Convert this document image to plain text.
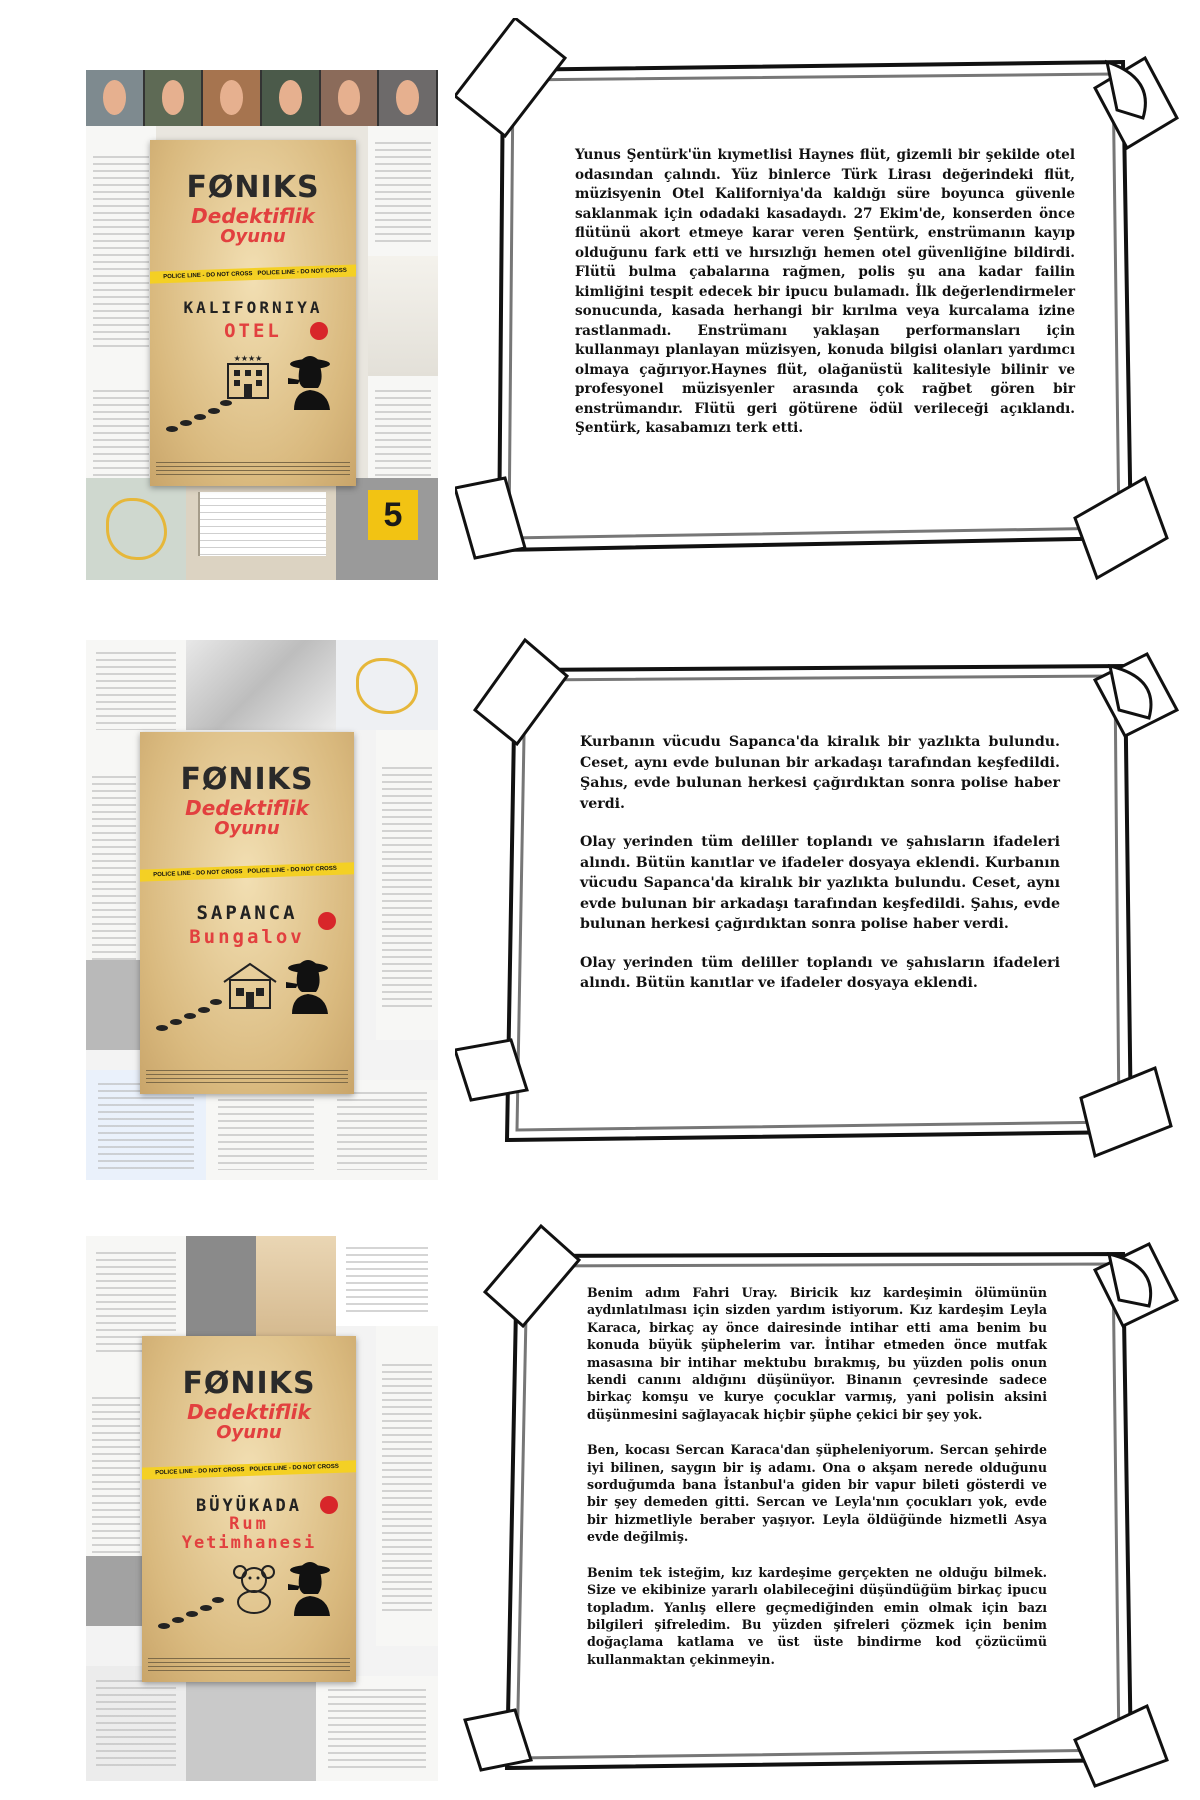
5
FØNIKS
Dedektiflik
Oyunu
POLICE LINE - DO NOT CROSS POLICE LINE - DO NOT CROSS
KALIFORNIYA
OTEL
★★★★

Yunus Şentürk'ün kıymetlisi Haynes flüt, gizemli bir şekilde otel odasından çalındı. Yüz binlerce Türk Lirası değerindeki flüt, müzisyenin Otel Kaliforniya'da kaldığı süre boyunca güvenle saklanmak için odadaki kasadaydı. 27 Ekim'de, konserden önce flütünü akort etmeye karar veren Şentürk, enstrümanın kayıp olduğunu fark etti ve hırsızlığı hemen otel güvenliğine bildirdi. Flütü bulma çabalarına rağmen, polis şu ana kadar failin kimliğini tespit edecek bir ipucu bulamadı. İlk değerlendirmeler sonucunda, kasada herhangi bir kırılma veya kurcalama izine rastlanmadı. Enstrümanı yaklaşan performansları için kullanmayı planlayan müzisyen, konuda bilgisi olanları yardımcı olmaya çağırıyor.Haynes flüt, olağanüstü kalitesiyle bilinir ve profesyonel müzisyenler arasında çok rağbet gören bir enstrümandır. Flütü geri götürene ödül verileceği açıklandı. Şentürk, kasabamızı terk etti.

FØNIKS
Dedektiflik
Oyunu
POLICE LINE - DO NOT CROSS POLICE LINE - DO NOT CROSS
SAPANCA
Bungalov

Kurbanın vücudu Sapanca'da kiralık bir yazlıkta bulundu. Ceset, aynı evde bulunan bir arkadaşı tarafından keşfedildi. Şahıs, evde bulunan herkesi çağırdıktan sonra polise haber verdi.

Olay yerinden tüm deliller toplandı ve şahısların ifadeleri alındı. Bütün kanıtlar ve ifadeler dosyaya eklendi. Kurbanın vücudu Sapanca'da kiralık bir yazlıkta bulundu. Ceset, aynı evde bulunan bir arkadaşı tarafından keşfedildi. Şahıs, evde bulunan herkesi çağırdıktan sonra polise haber verdi.

Olay yerinden tüm deliller toplandı ve şahısların ifadeleri alındı. Bütün kanıtlar ve ifadeler dosyaya eklendi.

FØNIKS
Dedektiflik
Oyunu
POLICE LINE - DO NOT CROSS POLICE LINE - DO NOT CROSS
BÜYÜKADA
Rum
Yetimhanesi

Benim adım Fahri Uray. Biricik kız kardeşimin ölümünün aydınlatılması için sizden yardım istiyorum. Kız kardeşim Leyla Karaca, birkaç ay önce dairesinde intihar etti ama benim bu konuda büyük şüphelerim var. İntihar etmeden önce mutfak masasına bir intihar mektubu bırakmış, bu yüzden polis onun kendi canını aldığını düşünüyor. Binanın çevresinde sadece birkaç komşu ve kurye çocuklar varmış, yani polisin aksini düşünmesini sağlayacak hiçbir şüphe çekici bir şey yok.

Ben, kocası Sercan Karaca'dan şüpheleniyorum. Sercan şehirde iyi bilinen, saygın bir iş adamı. Ona o akşam nerede olduğunu sorduğumda bana İstanbul'a giden bir vapur bileti gösterdi ve bir şey demeden gitti. Sercan ve Leyla'nın çocukları yok, evde bir hizmetliyle beraber yaşıyor. Leyla öldüğünde hizmetli Asya evde değilmiş.

Benim tek isteğim, kız kardeşime gerçekten ne olduğu bilmek. Size ve ekibinize yararlı olabileceğini düşündüğüm birkaç ipucu topladım. Yanlış ellere geçmediğinden emin olmak için bazı bilgileri şifreledim. Bu yüzden şifreleri çözmek için benim doğaçlama katlama ve üst üste bindirme kod çözücümü kullanmaktan çekinmeyin.
